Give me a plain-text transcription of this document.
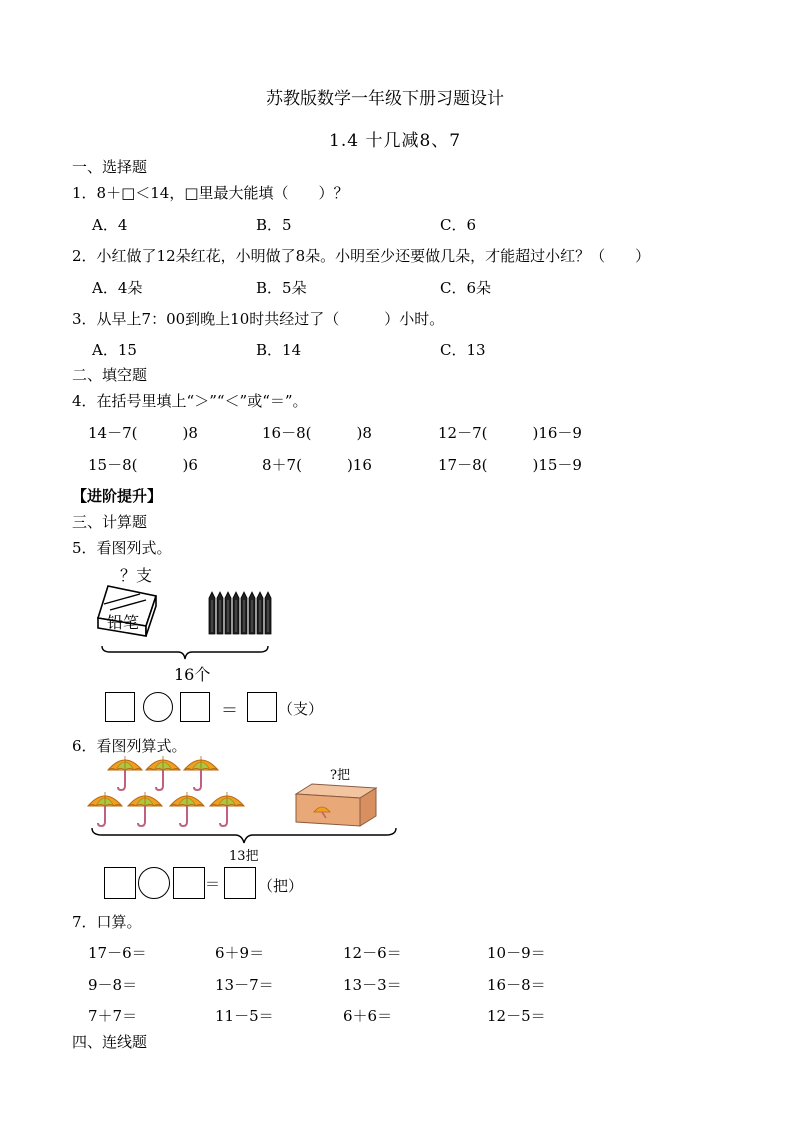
苏教版数学一年级下册习题设计
1.4 十几减8、7
一、选择题
1．8＋□＜14，□里最大能填（　　）？
A．4	B．5	C．6
2．小红做了12朵红花，小明做了8朵。小明至少还要做几朵，才能超过小红？（　　）
A．4朵	B．5朵	C．6朵
3．从早上7：00到晚上10时共经过了（　　　）小时。
A．15	B．14	C．13
二、填空题
4．在括号里填上“＞”“＜”或“＝”。
14－7(　　　)8	16－8(　　　)8	12－7(　　　)16－9
15－8(　　　)6	8＋7(　　　)16	17－8(　　　)15－9
【进阶提升】
三、计算题
5．看图列式。
？支
铅笔
16个
＝	（支）
6．看图列算式。
?把
13把
＝	（把）
7．口算。
17－6＝	6＋9＝	12－6＝	10－9＝
9－8＝	13－7＝	13－3＝	16－8＝
7＋7＝	11－5＝	6＋6＝	12－5＝
四、连线题
